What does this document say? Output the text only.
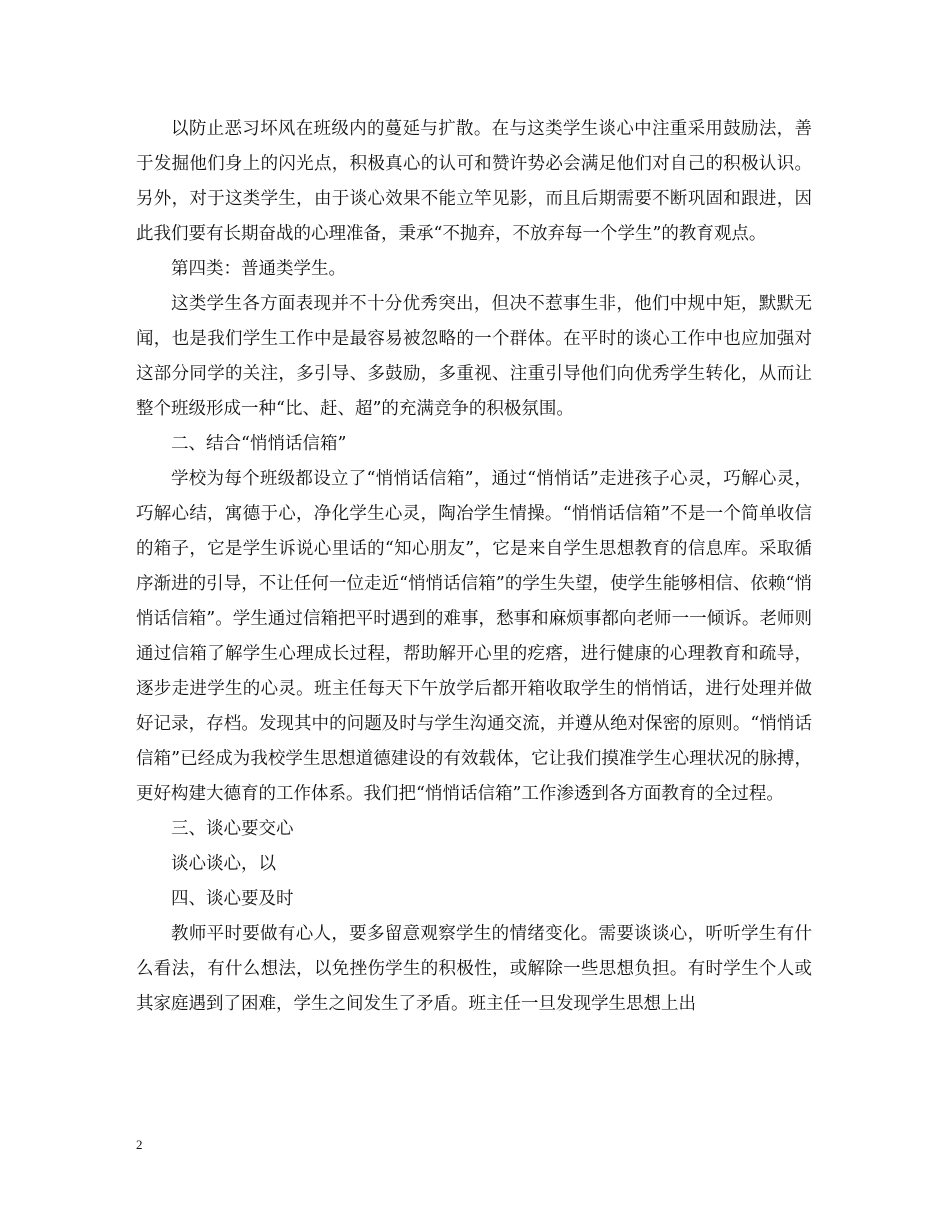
以防止恶习坏风在班级内的蔓延与扩散。在与这类学生谈心中注重采用鼓励法，善于发掘他们身上的闪光点，积极真心的认可和赞许势必会满足他们对自己的积极认识。另外，对于这类学生，由于谈心效果不能立竿见影，而且后期需要不断巩固和跟进，因此我们要有长期奋战的心理准备，秉承“不抛弃，不放弃每一个学生”的教育观点。

第四类：普通类学生。

这类学生各方面表现并不十分优秀突出，但决不惹事生非，他们中规中矩，默默无闻，也是我们学生工作中是最容易被忽略的一个群体。在平时的谈心工作中也应加强对这部分同学的关注，多引导、多鼓励，多重视、注重引导他们向优秀学生转化，从而让整个班级形成一种“比、赶、超”的充满竞争的积极氛围。

二、结合“悄悄话信箱”

学校为每个班级都设立了“悄悄话信箱”，通过“悄悄话”走进孩子心灵，巧解心灵，巧解心结，寓德于心，净化学生心灵，陶冶学生情操。“悄悄话信箱”不是一个简单收信的箱子，它是学生诉说心里话的“知心朋友”，它是来自学生思想教育的信息库。采取循序渐进的引导，不让任何一位走近“悄悄话信箱”的学生失望，使学生能够相信、依赖“悄悄话信箱”。学生通过信箱把平时遇到的难事，愁事和麻烦事都向老师一一倾诉。老师则通过信箱了解学生心理成长过程，帮助解开心里的疙瘩，进行健康的心理教育和疏导，逐步走进学生的心灵。班主任每天下午放学后都开箱收取学生的悄悄话，进行处理并做好记录，存档。发现其中的问题及时与学生沟通交流，并遵从绝对保密的原则。“悄悄话信箱”已经成为我校学生思想道德建设的有效载体，它让我们摸准学生心理状况的脉搏，更好构建大德育的工作体系。我们把“悄悄话信箱”工作渗透到各方面教育的全过程。

三、谈心要交心

谈心谈心，以

四、谈心要及时

教师平时要做有心人，要多留意观察学生的情绪变化。需要谈谈心，听听学生有什么看法，有什么想法，以免挫伤学生的积极性，或解除一些思想负担。有时学生个人或其家庭遇到了困难，学生之间发生了矛盾。班主任一旦发现学生思想上出

2
